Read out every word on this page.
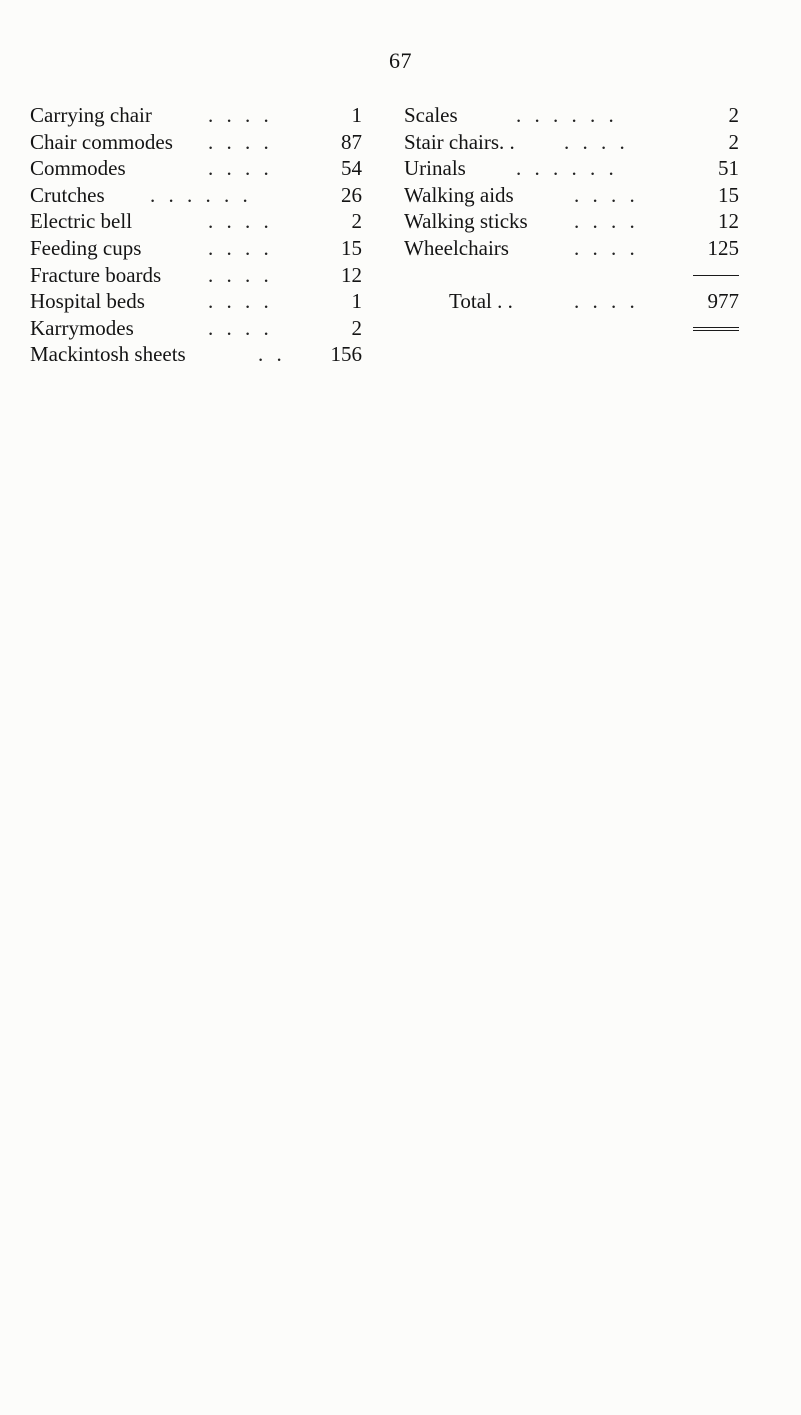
67
Carrying chair	. . . .	1
Chair commodes . . . .	87
Commodes	. . . .	54
Crutches . . . . . .	26
Electric bell	. . . .	2
Feeding cups	. . . .	15
Fracture boards . . . .	12
Hospital beds	. . . .	1
Karrymodes	. . . .	2
Mackintosh sheets	. . 156
Scales	. . . . . .	2
Stair chairs. . . . . .	2
Urinals . . . . . .	51
Walking aids	. . . .	15
Walking sticks . . . .	12
Wheelchairs	. . . .	125
Total . .	. . . .	977
